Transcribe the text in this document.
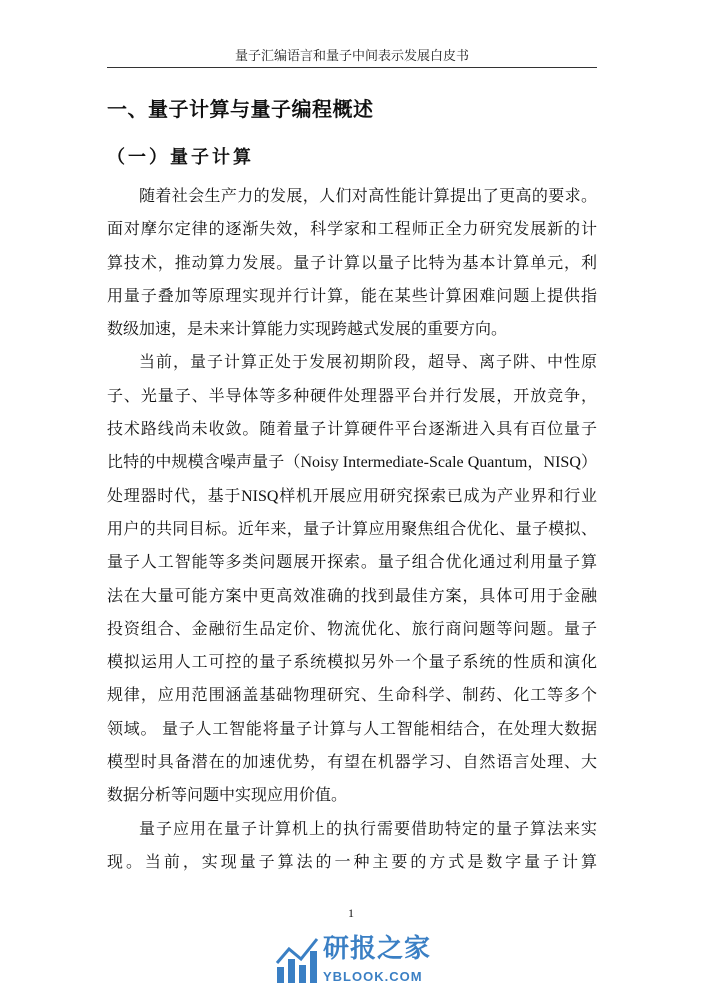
量子汇编语言和量子中间表示发展白皮书
一、量子计算与量子编程概述
（一）量子计算
随着社会生产力的发展，人们对高性能计算提出了更高的要求。
面对摩尔定律的逐渐失效，科学家和工程师正全力研究发展新的计
算技术，推动算力发展。量子计算以量子比特为基本计算单元，利
用量子叠加等原理实现并行计算，能在某些计算困难问题上提供指
数级加速，是未来计算能力实现跨越式发展的重要方向。
当前，量子计算正处于发展初期阶段，超导、离子阱、中性原
子、光量子、半导体等多种硬件处理器平台并行发展，开放竞争，
技术路线尚未收敛。随着量子计算硬件平台逐渐进入具有百位量子
比特的中规模含噪声量子（Noisy Intermediate-Scale Quantum，NISQ）
处理器时代，基于NISQ样机开展应用研究探索已成为产业界和行业
用户的共同目标。近年来，量子计算应用聚焦组合优化、量子模拟、
量子人工智能等多类问题展开探索。量子组合优化通过利用量子算
法在大量可能方案中更高效准确的找到最佳方案，具体可用于金融
投资组合、金融衍生品定价、物流优化、旅行商问题等问题。量子
模拟运用人工可控的量子系统模拟另外一个量子系统的性质和演化
规律，应用范围涵盖基础物理研究、生命科学、制药、化工等多个
领域。 量子人工智能将量子计算与人工智能相结合，在处理大数据
模型时具备潜在的加速优势，有望在机器学习、自然语言处理、大
数据分析等问题中实现应用价值。
量子应用在量子计算机上的执行需要借助特定的量子算法来实
现。当前，实现量子算法的一种主要的方式是数字量子计算
1
研报之家
YBLOOK.COM
